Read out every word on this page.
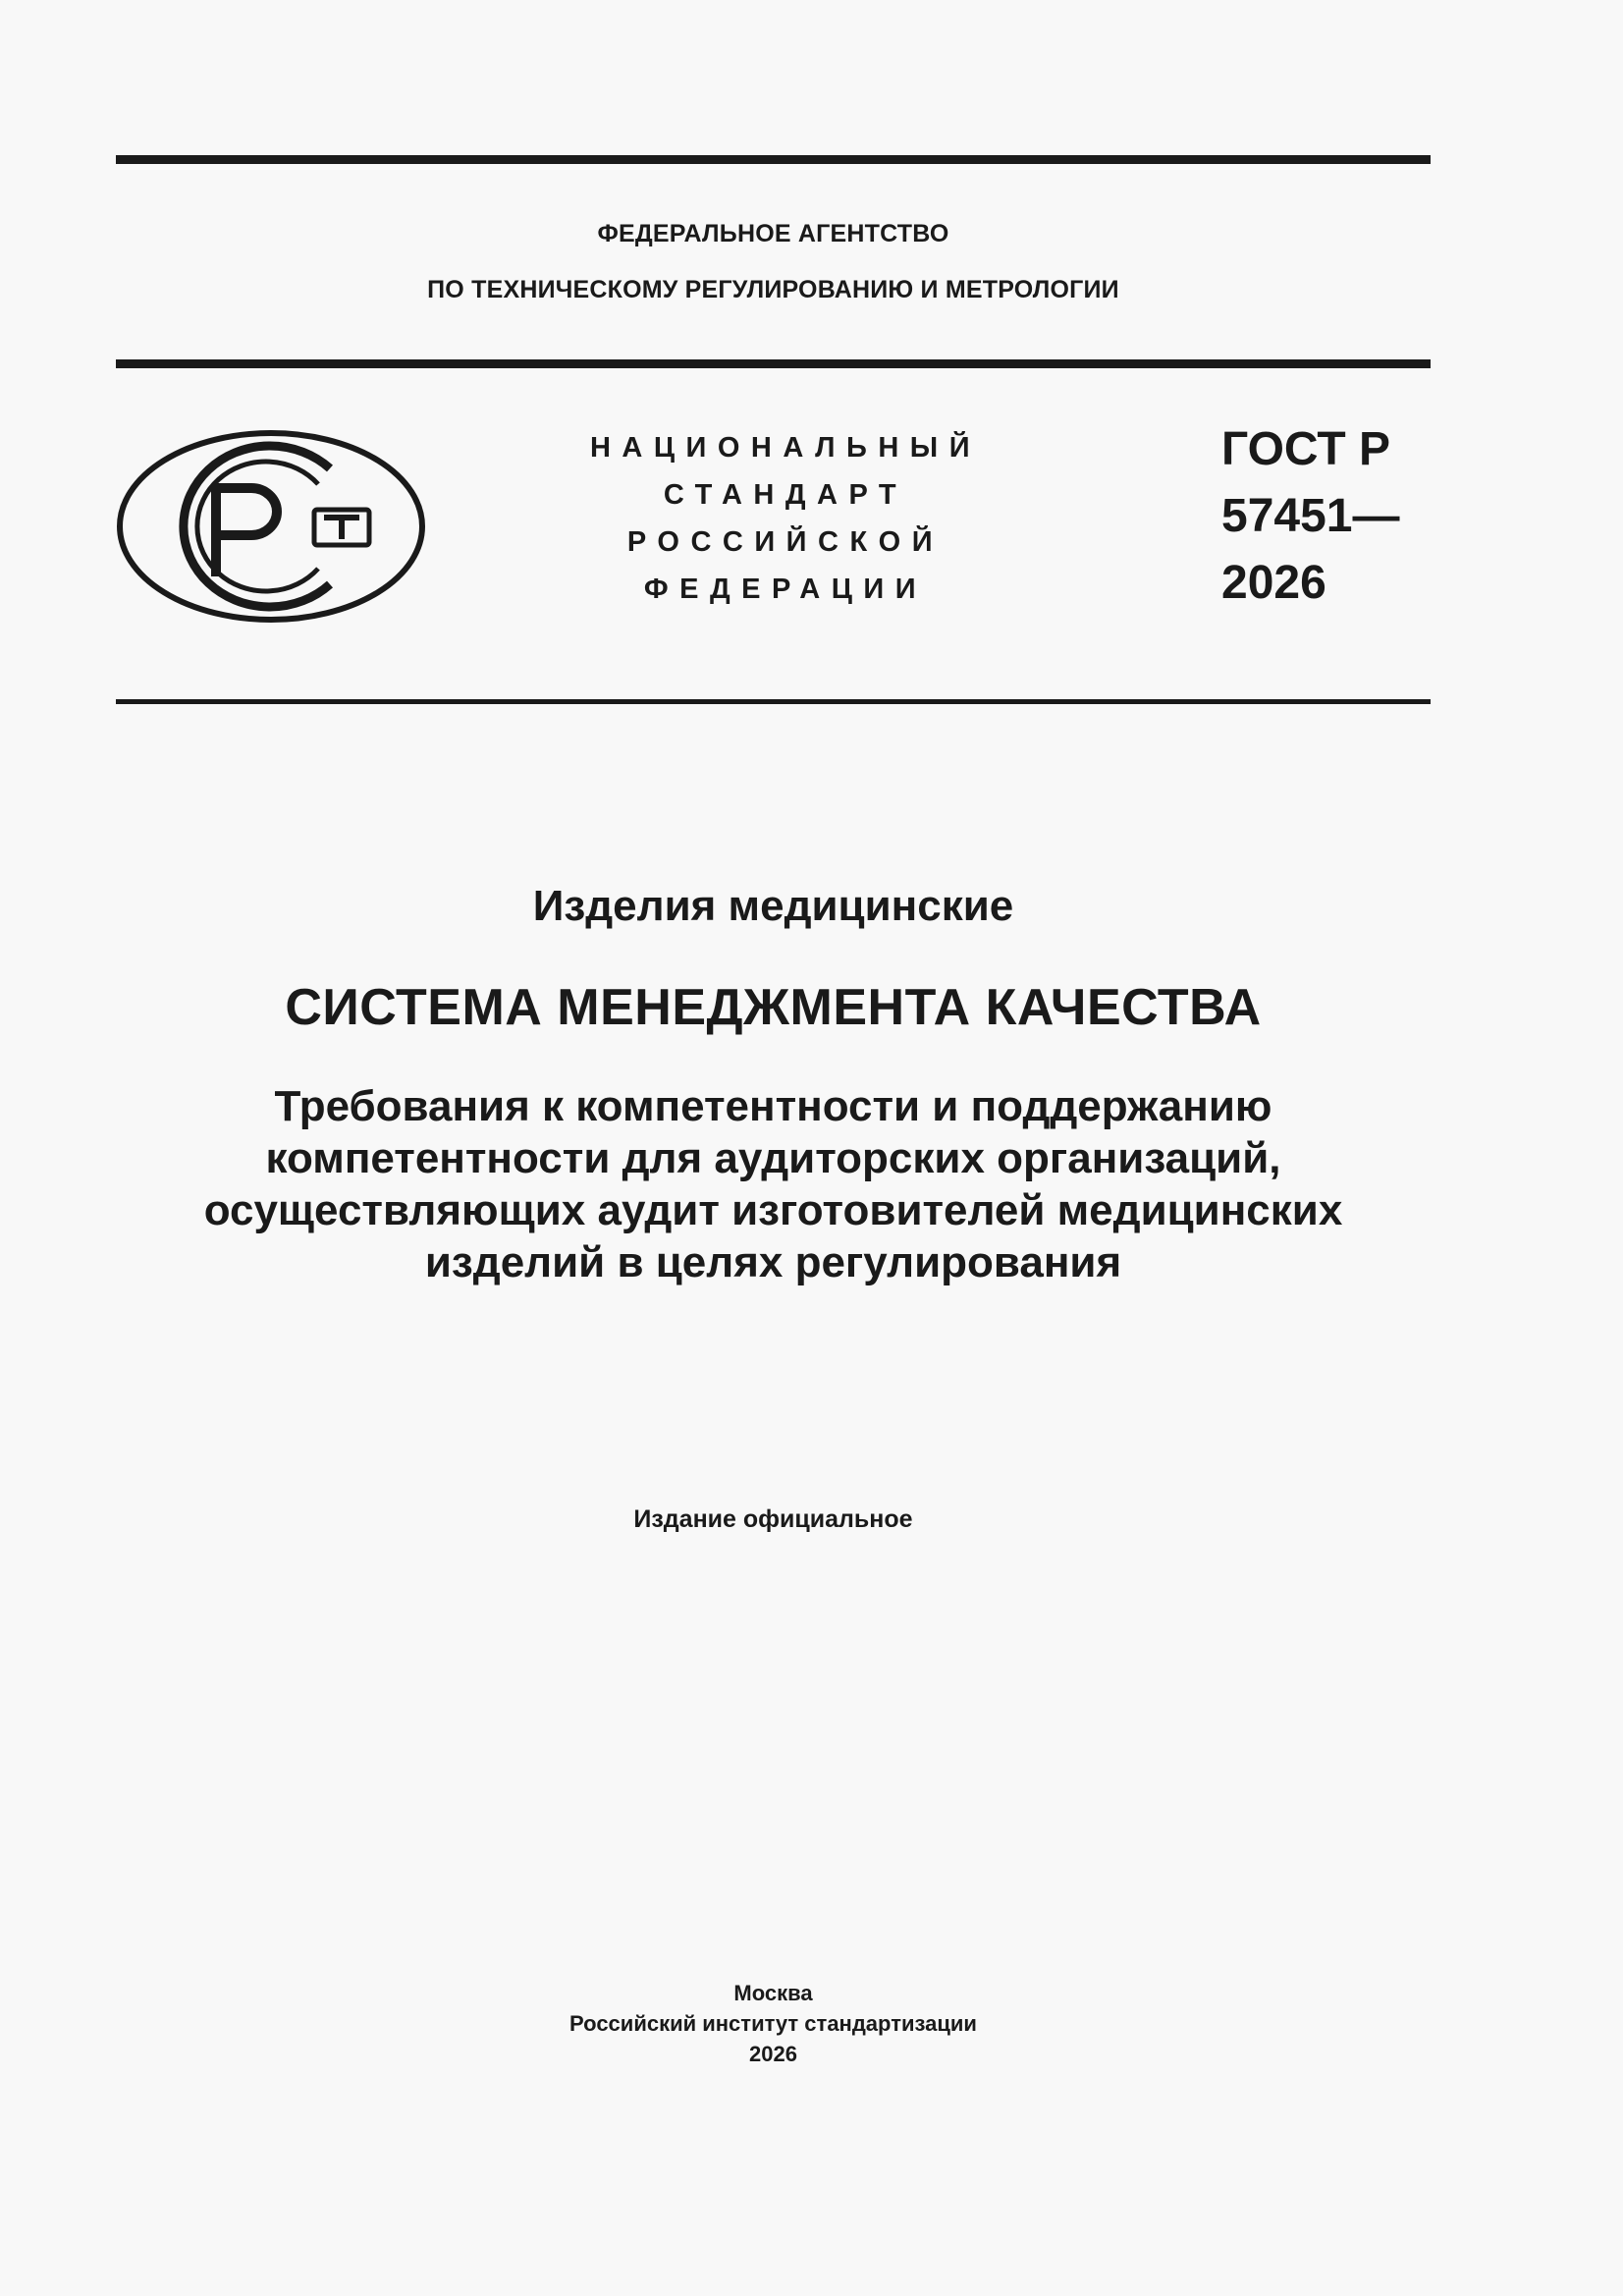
ФЕДЕРАЛЬНОЕ АГЕНТСТВО
ПО ТЕХНИЧЕСКОМУ РЕГУЛИРОВАНИЮ И МЕТРОЛОГИИ
НАЦИОНАЛЬНЫЙ
СТАНДАРТ
РОССИЙСКОЙ
ФЕДЕРАЦИИ
ГОСТ Р
57451—
2026
Изделия медицинские
СИСТЕМА МЕНЕДЖМЕНТА КАЧЕСТВА
Требования к компетентности и поддержанию
компетентности для аудиторских организаций,
осуществляющих аудит изготовителей медицинских
изделий в целях регулирования
Издание официальное
Москва
Российский институт стандартизации
2026
